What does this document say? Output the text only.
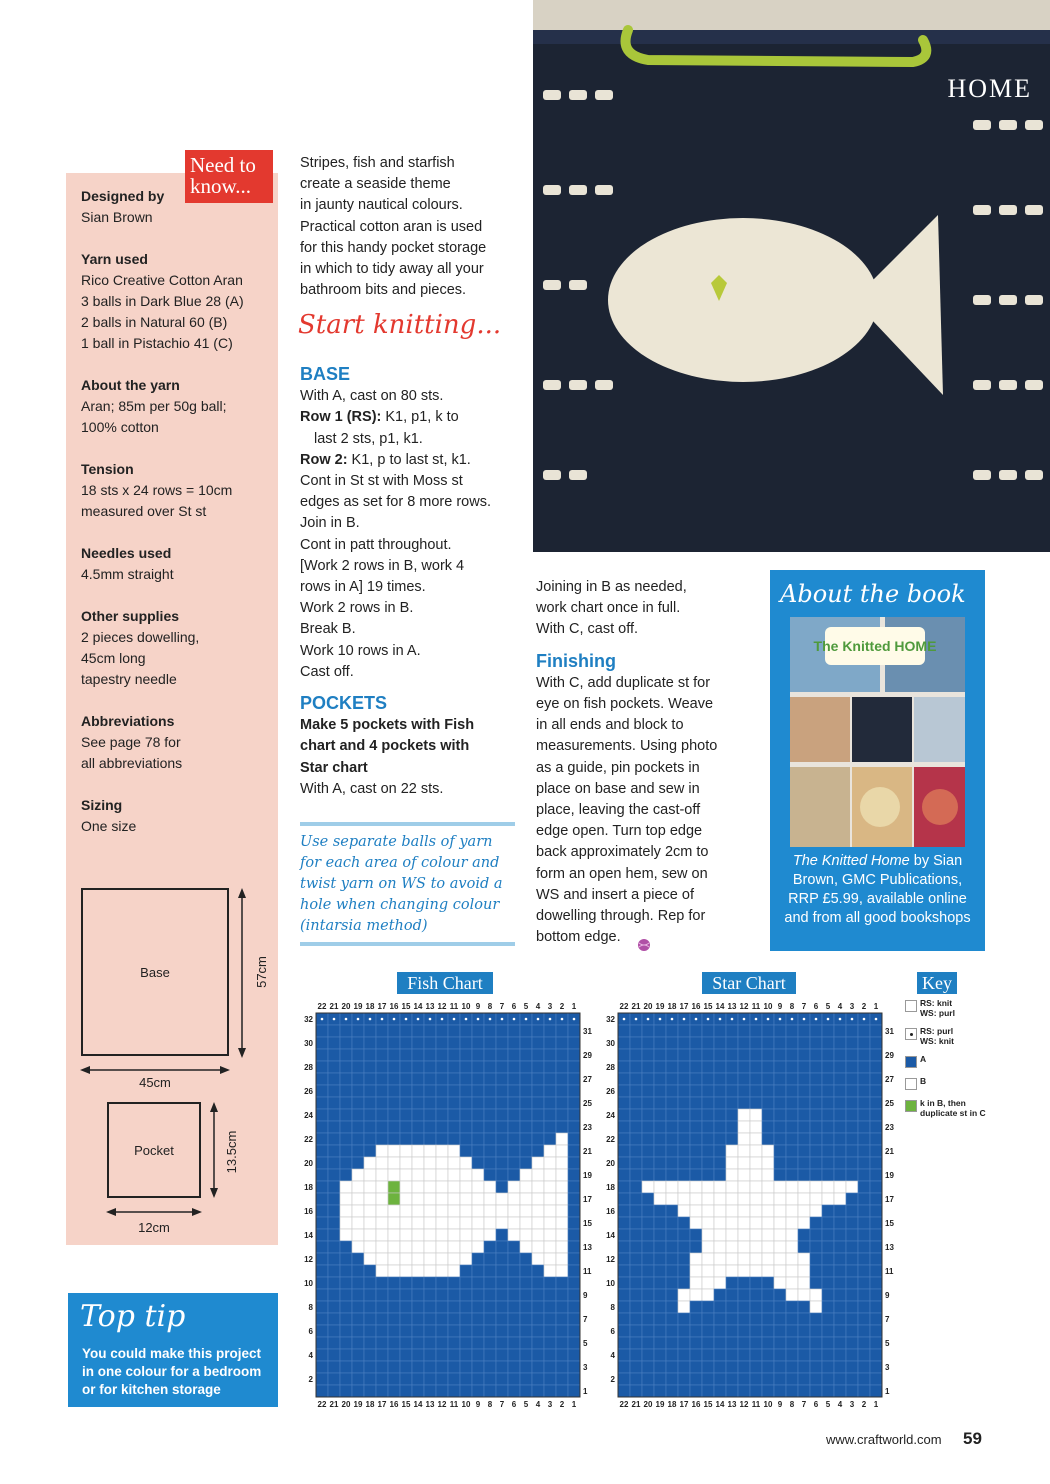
HOME
Need to know...
Designed by
Sian Brown
Yarn used
Rico Creative Cotton Aran
3 balls in Dark Blue 28 (A)
2 balls in Natural 60 (B)
1 ball in Pistachio 41 (C)
About the yarn
Aran; 85m per 50g ball;
100% cotton
Tension
18 sts x 24 rows = 10cm
measured over St st
Needles used
4.5mm straight
Other supplies
2 pieces dowelling,
45cm long
tapestry needle
Abbreviations
See page 78 for
all abbreviations
Sizing
One size
Base
45cm
57cm
Pocket
12cm
13.5cm
Stripes, fish and starfish
create a seaside theme
in jaunty nautical colours.
Practical cotton aran is used
for this handy pocket storage
in which to tidy away all your
bathroom bits and pieces.
Start knitting...
BASE
With A, cast on 80 sts.
Row 1 (RS): K1, p1, k to
last 2 sts, p1, k1.
Row 2: K1, p to last st, k1.
Cont in St st with Moss st
edges as set for 8 more rows.
Join in B.
Cont in patt throughout.
[Work 2 rows in B, work 4
rows in A] 19 times.
Work 2 rows in B.
Break B.
Work 10 rows in A.
Cast off.
POCKETS
Make 5 pockets with Fish
chart and 4 pockets with
Star chart
With A, cast on 22 sts.
Use separate balls of yarn
for each area of colour and
twist yarn on WS to avoid a
hole when changing colour
(intarsia method)
Joining in B as needed,
work chart once in full.
With C, cast off.
Finishing
With C, add duplicate st for
eye on fish pockets. Weave
in all ends and block to
measurements. Using photo
as a guide, pin pockets in
place on base and sew in
place, leaving the cast-off
edge open. Turn top edge
back approximately 2cm to
form an open hem, sew on
WS and insert a piece of
dowelling through. Rep for
bottom edge.
About the book
The Knitted HOME
The Knitted Home by Sian Brown, GMC Publications, RRP £5.99, available online and from all good bookshops
Top tip
You could make this project in one colour for a bedroom or for kitchen storage
Fish Chart	Star Chart	Key
22
22
21
21
20
20
19
19
18
18
17
17
16
16
15
15
14
14
13
13
12
12
11
11
10
10
9
9
8
8
7
7
6
6
5
5
4
4
3
3
2
2
1
1
1
2
3
4
5
6
7
8
9
10
11
12
13
14
15
16
17
18
19
20
21
22
23
24
25
26
27
28
29
30
31
32
22
22
21
21
20
20
19
19
18
18
17
17
16
16
15
15
14
14
13
13
12
12
11
11
10
10
9
9
8
8
7
7
6
6
5
5
4
4
3
3
2
2
1
1
1
2
3
4
5
6
7
8
9
10
11
12
13
14
15
16
17
18
19
20
21
22
23
24
25
26
27
28
29
30
31
32
RS: knit
WS: purl
RS: purl
WS: knit
A
B
k in B, then
duplicate st in C
www.craftworld.com 59
